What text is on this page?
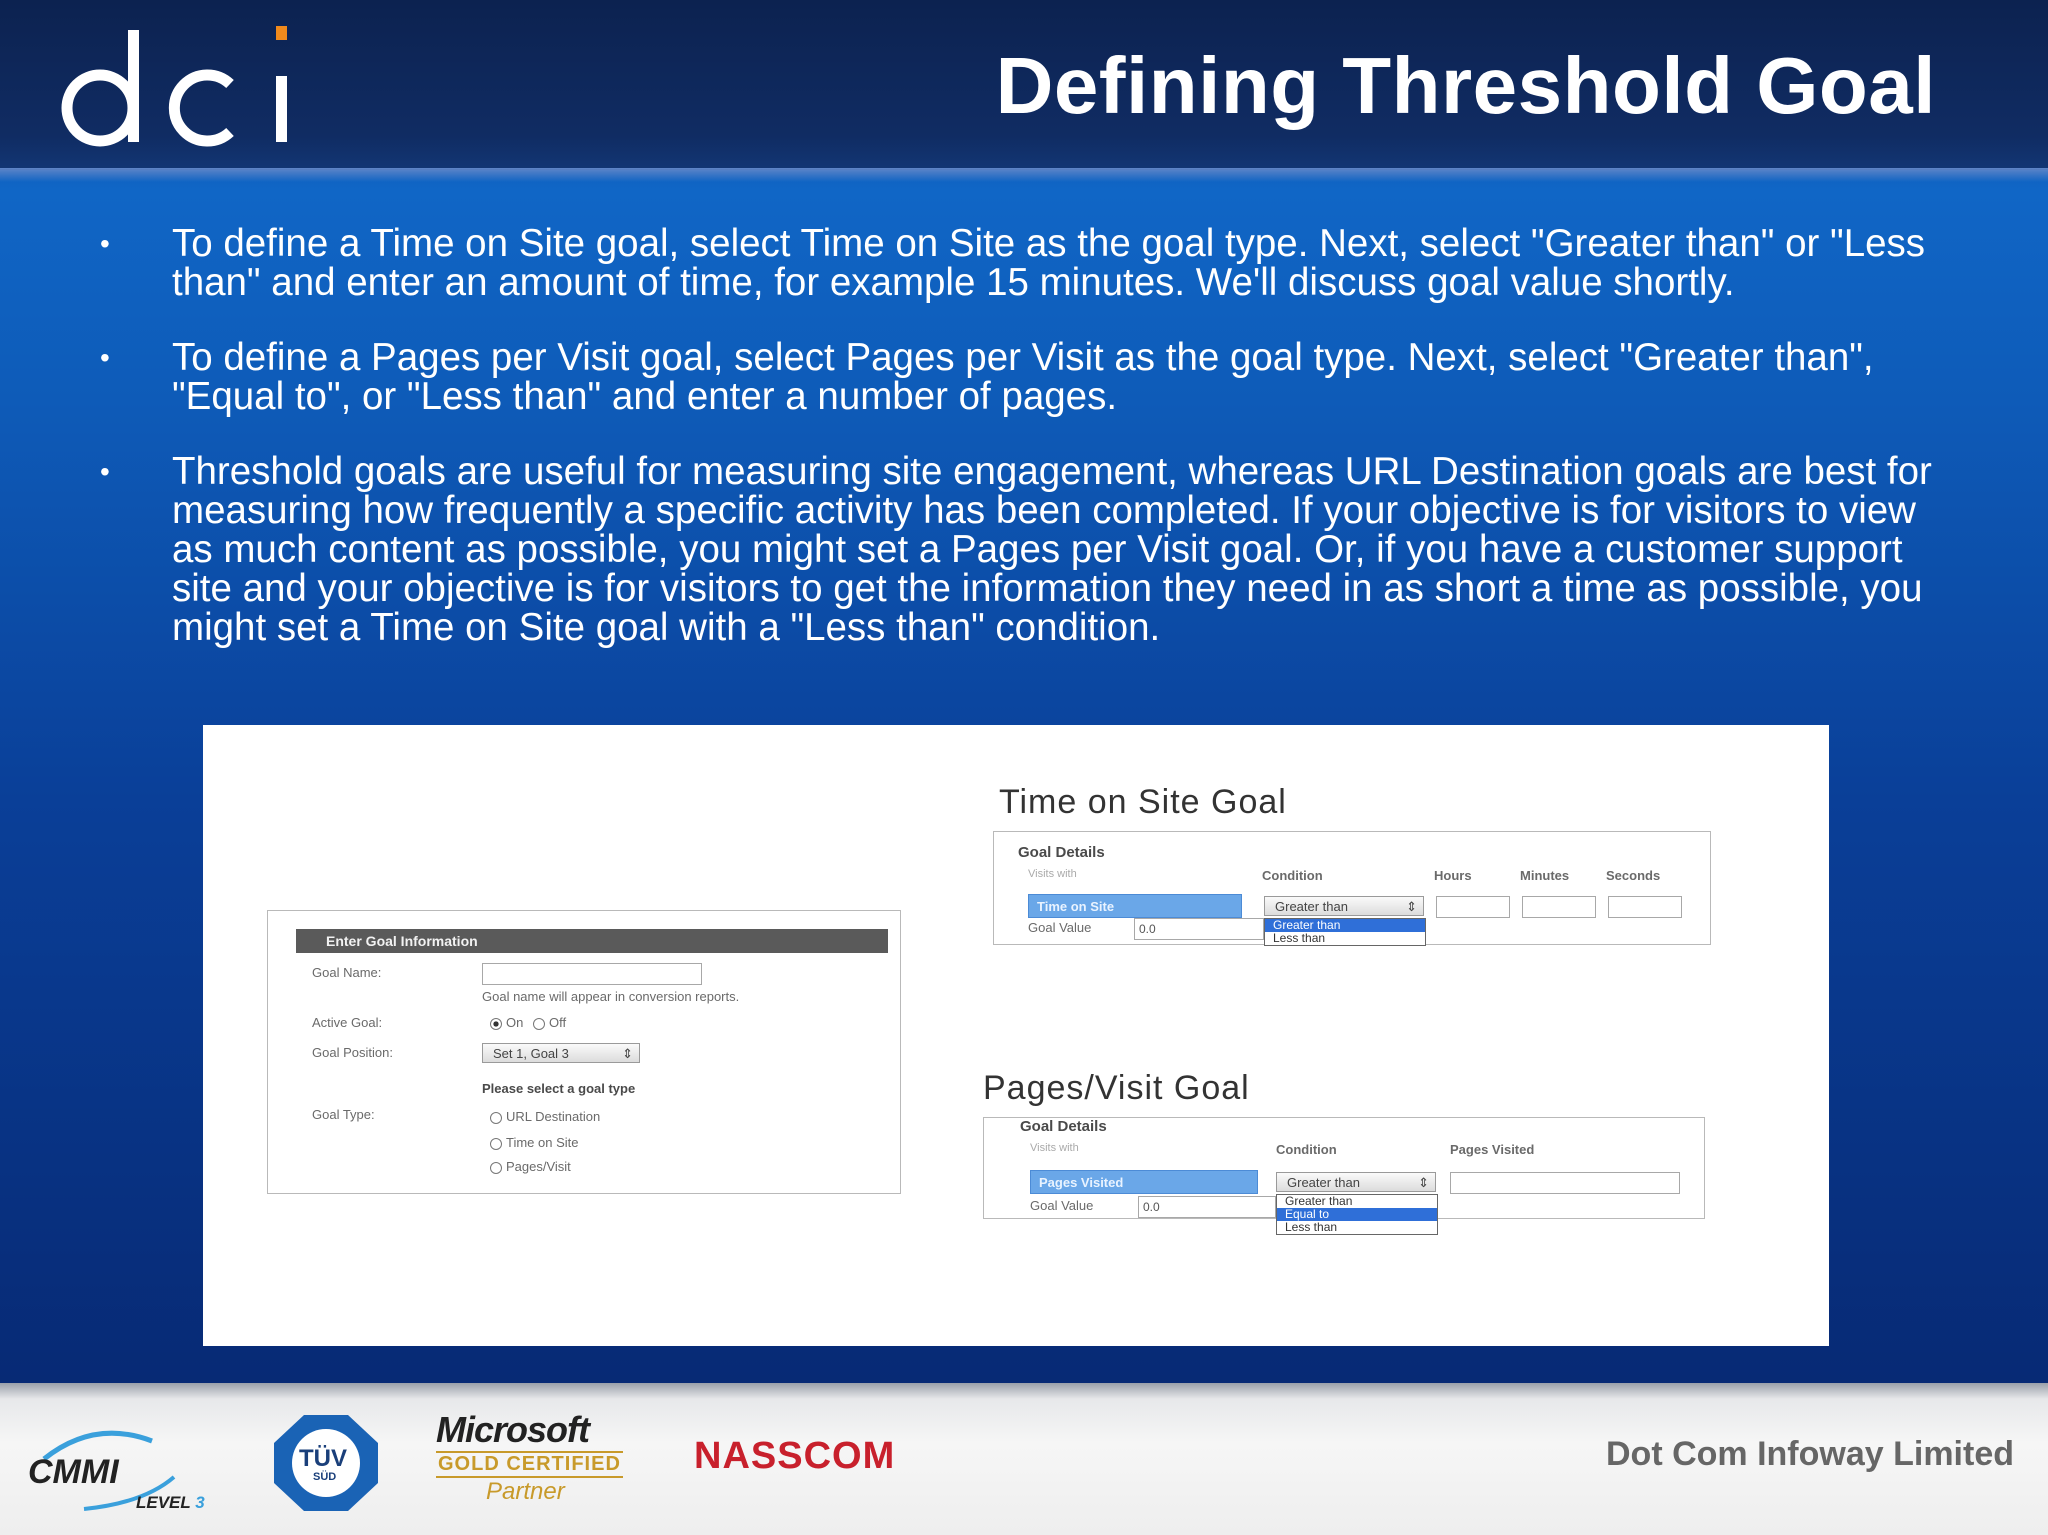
Defining Threshold Goal
• To define a Time on Site goal, select Time on Site as the goal type. Next, select "Greater than" or "Less than" and enter an amount of time, for example 15 minutes. We'll discuss goal value shortly.
• To define a Pages per Visit goal, select Pages per Visit as the goal type. Next, select "Greater than", "Equal to", or "Less than" and enter a number of pages.
• Threshold goals are useful for measuring site engagement, whereas URL Destination goals are best for measuring how frequently a specific activity has been completed. If your objective is for visitors to view as much content as possible, you might set a Pages per Visit goal. Or, if you have a customer support site and your objective is for visitors to get the information they need in as short a time as possible, you might set a Time on Site goal with a "Less than" condition.
Enter Goal Information
Goal Name:
Goal name will appear in conversion reports.
Active Goal:	On Off
Goal Position:	Set 1, Goal 3	⇕
Please select a goal type
Goal Type:	URL Destination
Time on Site
Pages/Visit
Time on Site Goal
Goal Details
Visits with	Condition	Hours	Minutes	Seconds
Time on Site	Greater than	⇕
Greater than
Less than
Goal Value	0.0
Pages/Visit Goal
Goal Details
Visits with	Condition	Pages Visited
Pages Visited	Greater than	⇕
Greater than
Equal to
Less than
Goal Value	0.0
CMMI
LEVEL 3
TÜV
SÜD
Microsoft
GOLD CERTIFIED
Partner
NASSCOM	Dot Com Infoway Limited
